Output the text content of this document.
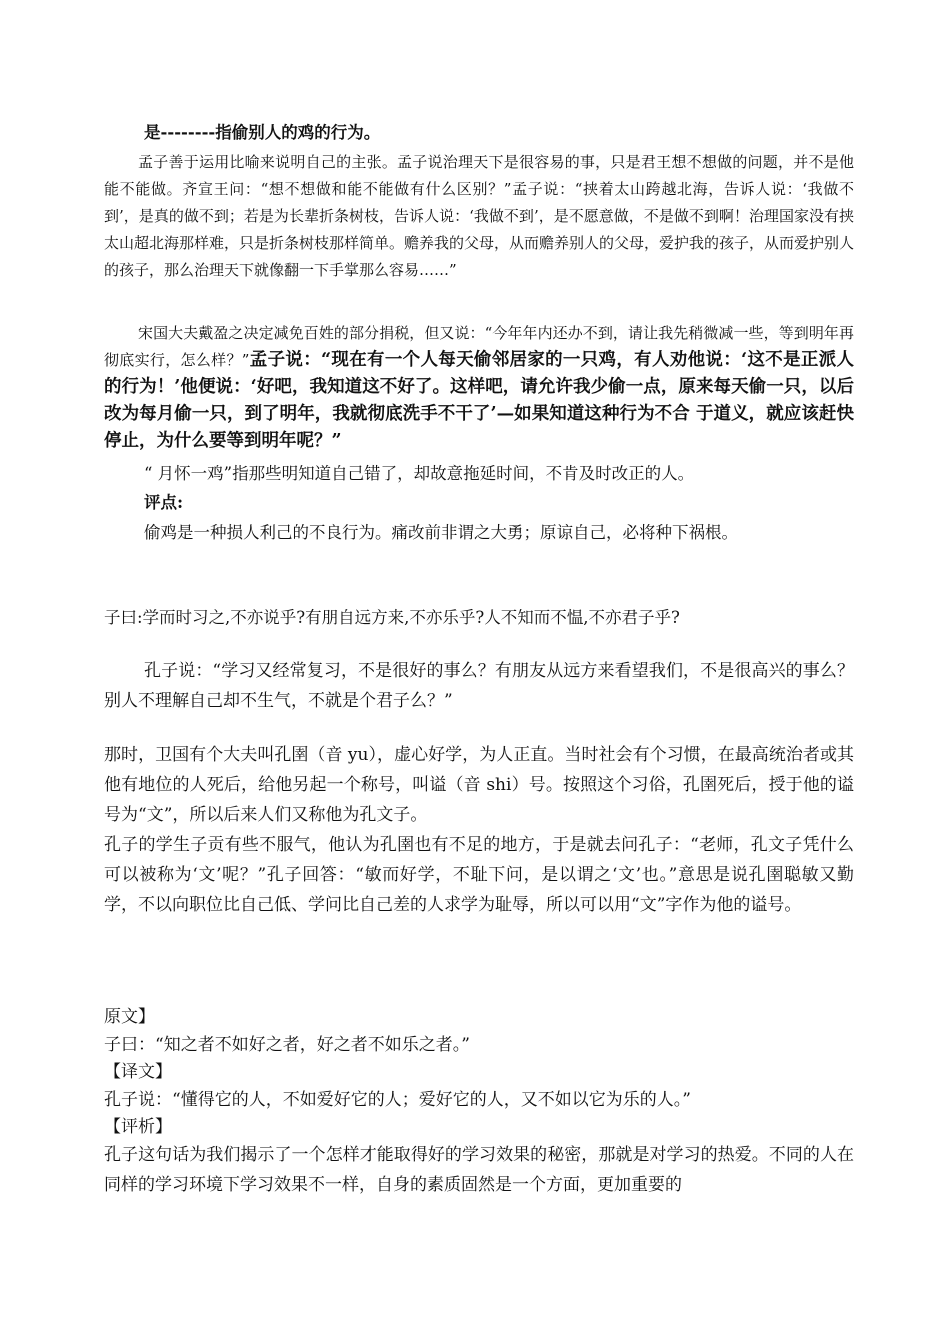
是--------指偷别人的鸡的行为。

孟子善于运用比喻来说明自己的主张。孟子说治理天下是很容易的事，只是君王想不想做的问题，并不是他能不能做。齐宣王问：“想不想做和能不能做有什么区别？”孟子说：“挟着太山跨越北海，告诉人说：‘我做不到’，是真的做不到；若是为长辈折条树枝，告诉人说：‘我做不到’，是不愿意做，不是做不到啊！治理国家没有挟太山超北海那样难，只是折条树枝那样简单。赡养我的父母，从而赡养别人的父母，爱护我的孩子，从而爱护别人的孩子，那么治理天下就像翻一下手掌那么容易……”

宋国大夫戴盈之决定减免百姓的部分捐税，但又说：“今年年内还办不到，请让我先稍微减一些，等到明年再彻底实行，怎么样？”孟子说：“现在有一个人每天偷邻居家的一只鸡，有人劝他说：‘这不是正派人的行为！’他便说：‘好吧，我知道这不好了。这样吧，请允许我少偷一点，原来每天偷一只，以后改为每月偷一只，到了明年，我就彻底洗手不干了’—如果知道这种行为不合 于道义，就应该赶快停止，为什么要等到明年呢？”

“ 月怀一鸡”指那些明知道自己错了，却故意拖延时间，不肯及时改正的人。

评点:

偷鸡是一种损人利己的不良行为。痛改前非谓之大勇；原谅自己，必将种下祸根。

子曰:学而时习之,不亦说乎?有朋自远方来,不亦乐乎?人不知而不愠,不亦君子乎?

孔子说：“学习又经常复习，不是很好的事么？有朋友从远方来看望我们，不是很高兴的事么？别人不理解自己却不生气，不就是个君子么？”

那时，卫国有个大夫叫孔圉（音 yu），虚心好学，为人正直。当时社会有个习惯，在最高统治者或其他有地位的人死后，给他另起一个称号，叫谥（音 shi）号。按照这个习俗，孔圉死后，授于他的谥号为“文”，所以后来人们又称他为孔文子。

孔子的学生子贡有些不服气，他认为孔圉也有不足的地方，于是就去问孔子：“老师，孔文子凭什么可以被称为‘文’呢？”孔子回答：“敏而好学，不耻下问，是以谓之‘文’也。”意思是说孔圉聪敏又勤学，不以向职位比自己低、学问比自己差的人求学为耻辱，所以可以用“文”字作为他的谥号。

原文】

子曰：“知之者不如好之者，好之者不如乐之者。”

【译文】

孔子说：“懂得它的人，不如爱好它的人；爱好它的人，又不如以它为乐的人。”

【评析】

孔子这句话为我们揭示了一个怎样才能取得好的学习效果的秘密，那就是对学习的热爱。不同的人在同样的学习环境下学习效果不一样，自身的素质固然是一个方面，更加重要的
